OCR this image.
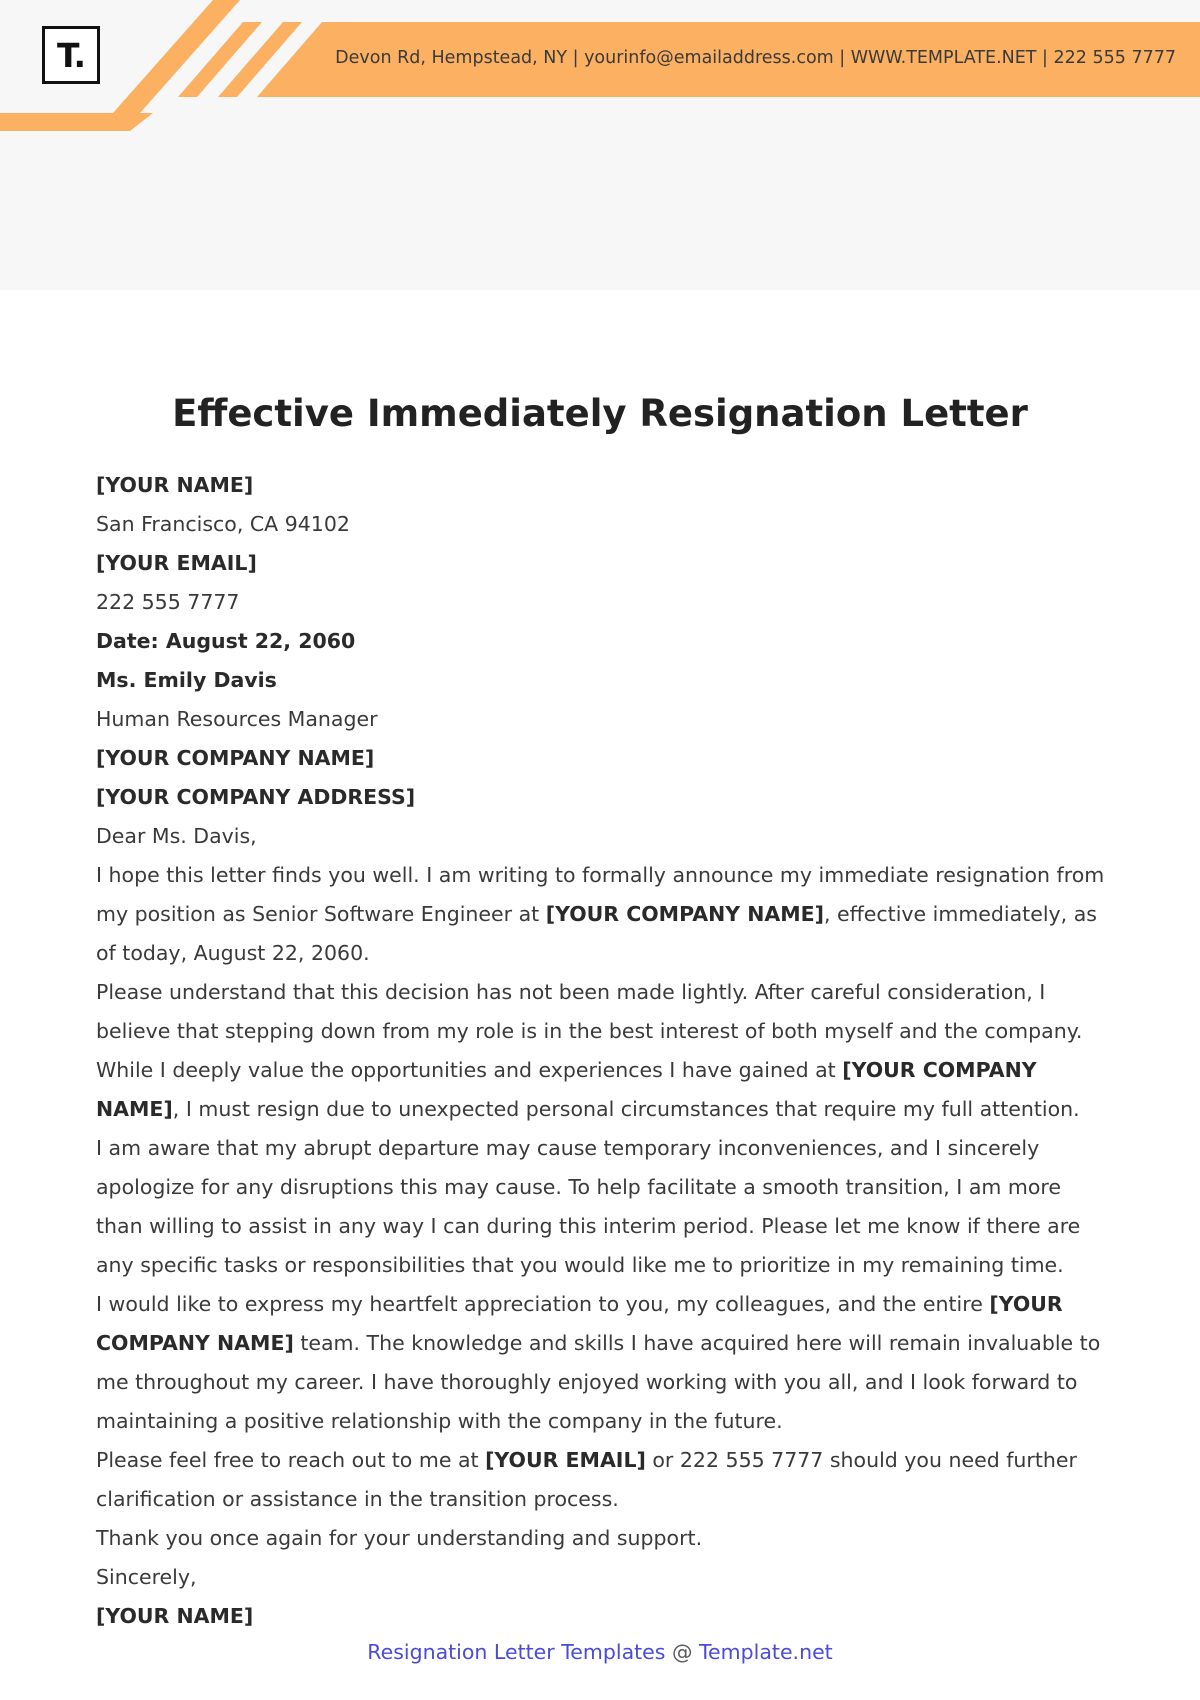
T.	Devon Rd, Hempstead, NY | yourinfo@emailaddress.com | WWW.TEMPLATE.NET | 222 555 7777
Effective Immediately Resignation Letter

[YOUR NAME]

San Francisco, CA 94102

[YOUR EMAIL]

222 555 7777

Date: August 22, 2060

Ms. Emily Davis

Human Resources Manager

[YOUR COMPANY NAME]

[YOUR COMPANY ADDRESS]

Dear Ms. Davis,

I hope this letter finds you well. I am writing to formally announce my immediate resignation from my position as Senior Software Engineer at [YOUR COMPANY NAME], effective immediately, as of today, August 22, 2060.

Please understand that this decision has not been made lightly. After careful consideration, I believe that stepping down from my role is in the best interest of both myself and the company. While I deeply value the opportunities and experiences I have gained at [YOUR COMPANY NAME], I must resign due to unexpected personal circumstances that require my full attention.

I am aware that my abrupt departure may cause temporary inconveniences, and I sincerely apologize for any disruptions this may cause. To help facilitate a smooth transition, I am more than willing to assist in any way I can during this interim period. Please let me know if there are any specific tasks or responsibilities that you would like me to prioritize in my remaining time.

I would like to express my heartfelt appreciation to you, my colleagues, and the entire [YOUR COMPANY NAME] team. The knowledge and skills I have acquired here will remain invaluable to me throughout my career. I have thoroughly enjoyed working with you all, and I look forward to maintaining a positive relationship with the company in the future.

Please feel free to reach out to me at [YOUR EMAIL] or 222 555 7777 should you need further clarification or assistance in the transition process.

Thank you once again for your understanding and support.

Sincerely,

[YOUR NAME]

Resignation Letter Templates @ Template.net
